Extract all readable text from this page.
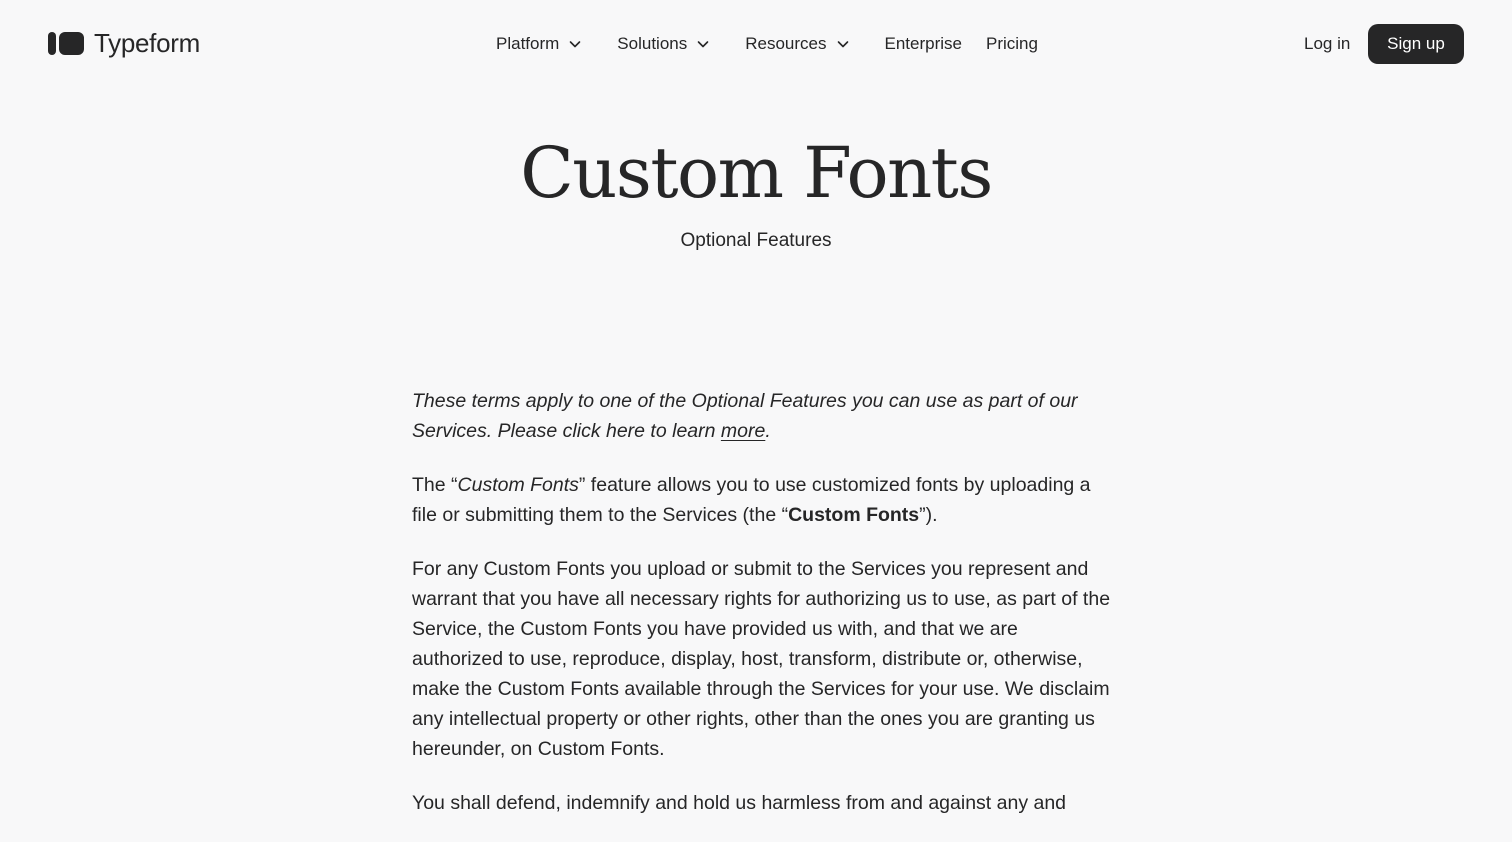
Typeform	Platform	Solutions	Resources	Enterprise Pricing	Log in	Sign up
Custom Fonts
Optional Features

These terms apply to one of the Optional Features you can use as part of our Services. Please click here to learn more.

The “Custom Fonts” feature allows you to use customized fonts by uploading a file or submitting them to the Services (the “Custom Fonts”).

For any Custom Fonts you upload or submit to the Services you represent and warrant that you have all necessary rights for authorizing us to use, as part of the Service, the Custom Fonts you have provided us with, and that we are authorized to use, reproduce, display, host, transform, distribute or, otherwise, make the Custom Fonts available through the Services for your use. We disclaim any intellectual property or other rights, other than the ones you are granting us hereunder, on Custom Fonts.

You shall defend, indemnify and hold us harmless from and against any and
